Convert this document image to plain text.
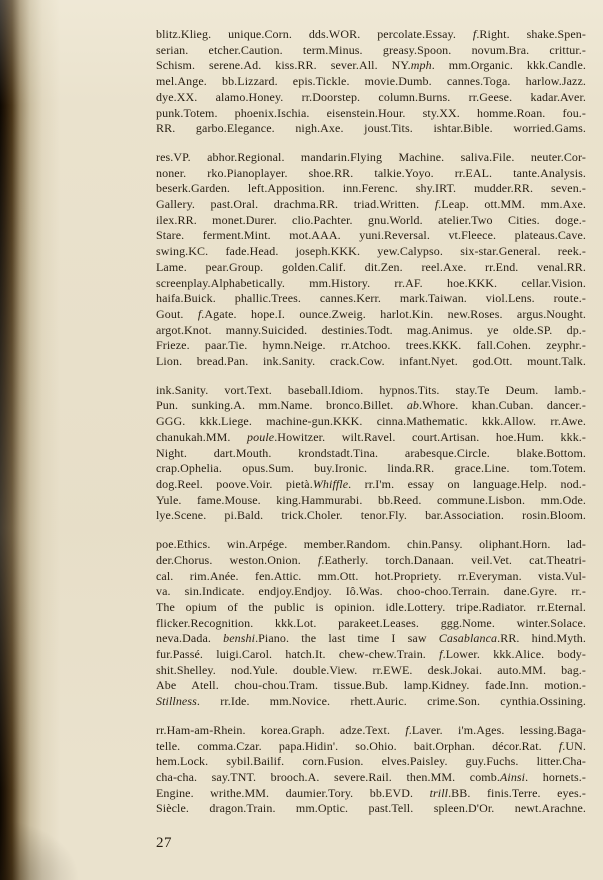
blitz.Klieg. unique.Corn. dds.WOR. percolate.Essay. f.Right. shake.Spen-
serian. etcher.Caution. term.Minus. greasy.Spoon. novum.Bra. crittur.-
Schism. serene.Ad. kiss.RR. sever.All. NY.mph. mm.Organic. kkk.Candle.
mel.Ange. bb.Lizzard. epis.Tickle. movie.Dumb. cannes.Toga. harlow.Jazz.
dye.XX. alamo.Honey. rr.Doorstep. column.Burns. rr.Geese. kadar.Aver.
punk.Totem. phoenix.Ischia. eisenstein.Hour. sty.XX. homme.Roan. fou.-
RR. garbo.Elegance. nigh.Axe. joust.Tits. ishtar.Bible. worried.Gams.
res.VP. abhor.Regional. mandarin.Flying Machine. saliva.File. neuter.Cor-
noner. rko.Pianoplayer. shoe.RR. talkie.Yoyo. rr.EAL. tante.Analysis.
beserk.Garden. left.Apposition. inn.Ferenc. shy.IRT. mudder.RR. seven.-
Gallery. past.Oral. drachma.RR. triad.Written. f.Leap. ott.MM. mm.Axe.
ilex.RR. monet.Durer. clio.Pachter. gnu.World. atelier.Two Cities. doge.-
Stare. ferment.Mint. mot.AAA. yuni.Reversal. vt.Fleece. plateaus.Cave.
swing.KC. fade.Head. joseph.KKK. yew.Calypso. six-star.General. reek.-
Lame. pear.Group. golden.Calif. dit.Zen. reel.Axe. rr.End. venal.RR.
screenplay.Alphabetically. mm.History. rr.AF. hoe.KKK. cellar.Vision.
haifa.Buick. phallic.Trees. cannes.Kerr. mark.Taiwan. viol.Lens. route.-
Gout. f.Agate. hope.I. ounce.Zweig. harlot.Kin. new.Roses. argus.Nought.
argot.Knot. manny.Suicided. destinies.Todt. mag.Animus. ye olde.SP. dp.-
Frieze. paar.Tie. hymn.Neige. rr.Atchoo. trees.KKK. fall.Cohen. zeyphr.-
Lion. bread.Pan. ink.Sanity. crack.Cow. infant.Nyet. god.Ott. mount.Talk.
ink.Sanity. vort.Text. baseball.Idiom. hypnos.Tits. stay.Te Deum. lamb.-
Pun. sunking.A. mm.Name. bronco.Billet. ab.Whore. khan.Cuban. dancer.-
GGG. kkk.Liege. machine-gun.KKK. cinna.Mathematic. kkk.Allow. rr.Awe.
chanukah.MM. poule.Howitzer. wilt.Ravel. court.Artisan. hoe.Hum. kkk.-
Night. dart.Mouth. krondstadt.Tina. arabesque.Circle. blake.Bottom.
crap.Ophelia. opus.Sum. buy.Ironic. linda.RR. grace.Line. tom.Totem.
dog.Reel. poove.Voir. pietà.Whiffle. rr.I'm. essay on language.Help. nod.-
Yule. fame.Mouse. king.Hammurabi. bb.Reed. commune.Lisbon. mm.Ode.
lye.Scene. pi.Bald. trick.Choler. tenor.Fly. bar.Association. rosin.Bloom.
poe.Ethics. win.Arpége. member.Random. chin.Pansy. oliphant.Horn. lad-
der.Chorus. weston.Onion. f.Eatherly. torch.Danaan. veil.Vet. cat.Theatri-
cal. rim.Anée. fen.Attic. mm.Ott. hot.Propriety. rr.Everyman. vista.Vul-
va. sin.Indicate. endjoy.Endjoy. Iô.Was. choo-choo.Terrain. dane.Gyre. rr.-
The opium of the public is opinion. idle.Lottery. tripe.Radiator. rr.Eternal.
flicker.Recognition. kkk.Lot. parakeet.Leases. ggg.Nome. winter.Solace.
neva.Dada. benshi.Piano. the last time I saw Casablanca.RR. hind.Myth.
fur.Passé. luigi.Carol. hatch.It. chew-chew.Train. f.Lower. kkk.Alice. body-
shit.Shelley. nod.Yule. double.View. rr.EWE. desk.Jokai. auto.MM. bag.-
Abe Atell. chou-chou.Tram. tissue.Bub. lamp.Kidney. fade.Inn. motion.-
Stillness. rr.Ide. mm.Novice. rhett.Auric. crime.Son. cynthia.Ossining.
rr.Ham-am-Rhein. korea.Graph. adze.Text. f.Laver. i'm.Ages. lessing.Baga-
telle. comma.Czar. papa.Hidin'. so.Ohio. bait.Orphan. décor.Rat. f.UN.
hem.Lock. sybil.Bailif. corn.Fusion. elves.Paisley. guy.Fuchs. litter.Cha-
cha-cha. say.TNT. brooch.A. severe.Rail. then.MM. comb.Ainsi. hornets.-
Engine. writhe.MM. daumier.Tory. bb.EVD. trill.BB. finis.Terre. eyes.-
Siècle. dragon.Train. mm.Optic. past.Tell. spleen.D'Or. newt.Arachne.
27
